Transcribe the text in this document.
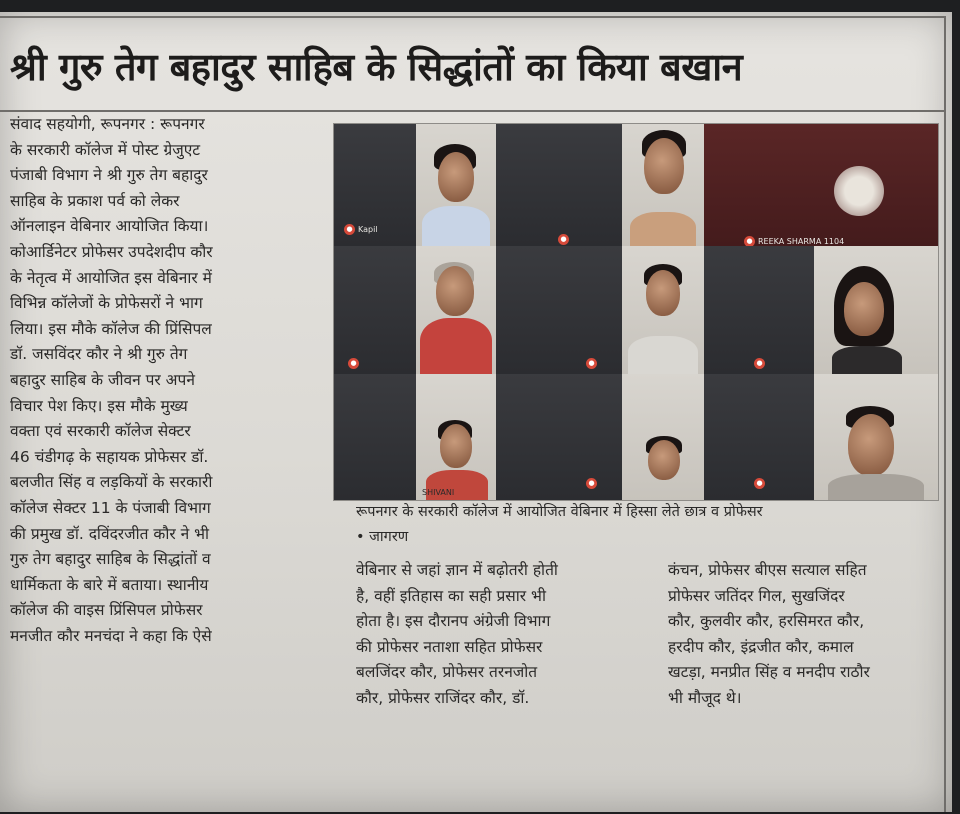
श्री गुरु तेग बहादुर साहिब के सिद्धांतों का किया बखान
संवाद सहयोगी, रूपनगर : रूपनगर
के सरकारी कॉलेज में पोस्ट ग्रेजुएट
पंजाबी विभाग ने श्री गुरु तेग बहादुर
साहिब के प्रकाश पर्व को लेकर
ऑनलाइन वेबिनार आयोजित किया।
कोआर्डिनेटर प्रोफेसर उपदेशदीप कौर
के नेतृत्व में आयोजित इस वेबिनार में
विभिन्न कॉलेजों के प्रोफेसरों ने भाग
लिया। इस मौके कॉलेज की प्रिंसिपल
डॉ. जसविंदर कौर ने श्री गुरु तेग
बहादुर साहिब के जीवन पर अपने
विचार पेश किए। इस मौके मुख्य
वक्ता एवं सरकारी कॉलेज सेक्टर
46 चंडीगढ़ के सहायक प्रोफेसर डॉ.
बलजीत सिंह व लड़कियों के सरकारी
कॉलेज सेक्टर 11 के पंजाबी विभाग
की प्रमुख डॉ. दविंदरजीत कौर ने भी
गुरु तेग बहादुर साहिब के सिद्धांतों व
धार्मिकता के बारे में बताया। स्थानीय
कॉलेज की वाइस प्रिंसिपल प्रोफेसर
मनजीत कौर मनचंदा ने कहा कि ऐसे
● Kapil
●	● REEKA SHARMA 1104
●	●	●
SHIVANI
●	●
रूपनगर के सरकारी कॉलेज में आयोजित वेबिनार में हिस्सा लेते छात्र व प्रोफेसर
• जागरण
वेबिनार से जहां ज्ञान में बढ़ोतरी होती
है, वहीं इतिहास का सही प्रसार भी
होता है। इस दौरानप अंग्रेजी विभाग
की प्रोफेसर नताशा सहित प्रोफेसर
बलजिंदर कौर, प्रोफेसर तरनजोत
कौर, प्रोफेसर राजिंदर कौर, डॉ.
कंचन, प्रोफेसर बीएस सत्याल सहित
प्रोफेसर जतिंदर गिल, सुखजिंदर
कौर, कुलवीर कौर, हरसिमरत कौर,
हरदीप कौर, इंद्रजीत कौर, कमाल
खटड़ा, मनप्रीत सिंह व मनदीप राठौर
भी मौजूद थे।
